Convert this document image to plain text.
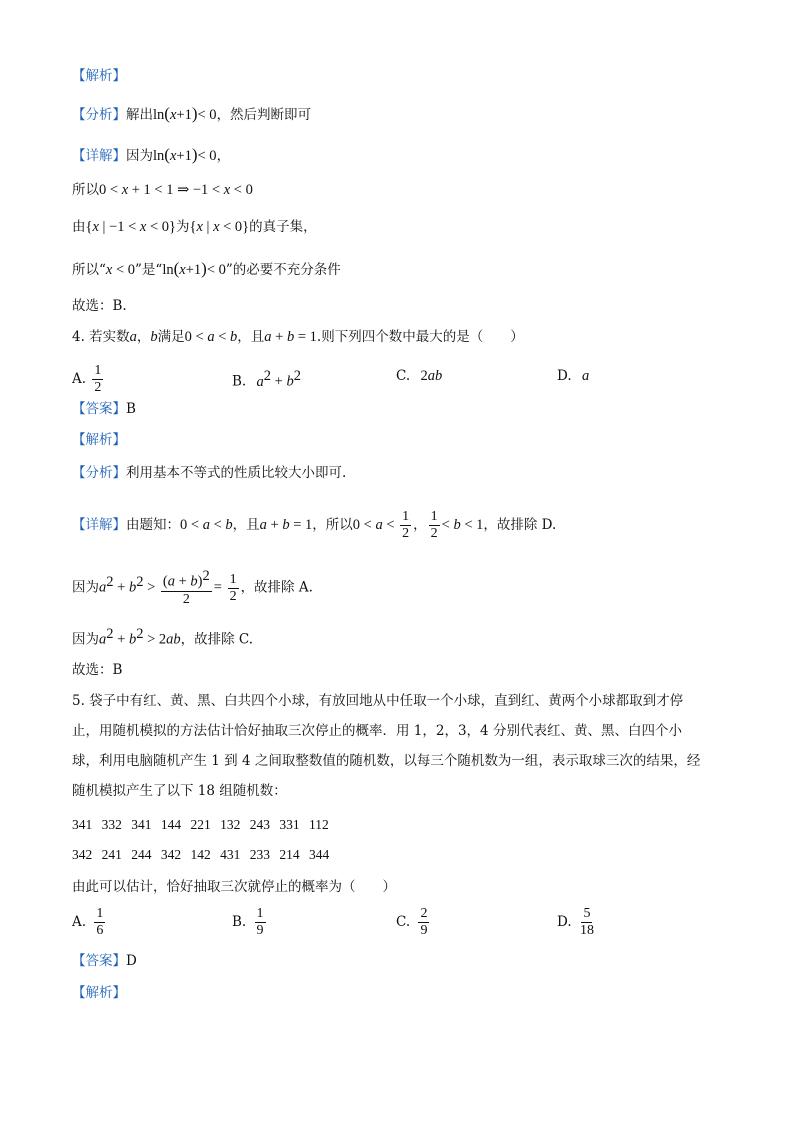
【解析】
【分析】解出ln(x+1)< 0，然后判断即可
【详解】因为ln(x+1)< 0，
所以0 < x + 1 < 1 ⇒ −1 < x < 0
由{x | −1 < x < 0}为{x | x < 0}的真子集，
所以“x < 0”是“ln(x+1)< 0”的必要不充分条件
故选：B.
4. 若实数a，b满足0 < a < b，且a + b = 1.则下列四个数中最大的是（　　）
A. $\frac{1}{2}$	B. $a^2 + b^2$	C. 2ab	D. a
【答案】B
【解析】
【分析】利用基本不等式的性质比较大小即可.
【详解】由题知：0 < a < b，且a + b = 1，所以$0 < a < \frac{1}{2}$ ， $\frac{1}{2} < b < 1$，故排除 D.
因为$a^2 + b^2 > \frac{(a + b)^2}{2} = \frac{1}{2}$ ，故排除 A.
因为$a^2 + b^2 > 2ab$，故排除 C.
故选：B
5. 袋子中有红、黄、黑、白共四个小球，有放回地从中任取一个小球，直到红、黄两个小球都取到才停
止，用随机模拟的方法估计恰好抽取三次停止的概率．用 1，2，3，4 分别代表红、黄、黑、白四个小
球，利用电脑随机产生 1 到 4 之间取整数值的随机数，以每三个随机数为一组，表示取球三次的结果，经
随机模拟产生了以下 18 组随机数：
341 332 341 144 221 132 243 331 112
342 241 244 342 142 431 233 214 344
由此可以估计，恰好抽取三次就停止的概率为（　　）
A. $\frac{1}{6}$	B. $\frac{1}{9}$	C. $\frac{2}{9}$	D. $\frac{5}{18}$
【答案】D
【解析】
